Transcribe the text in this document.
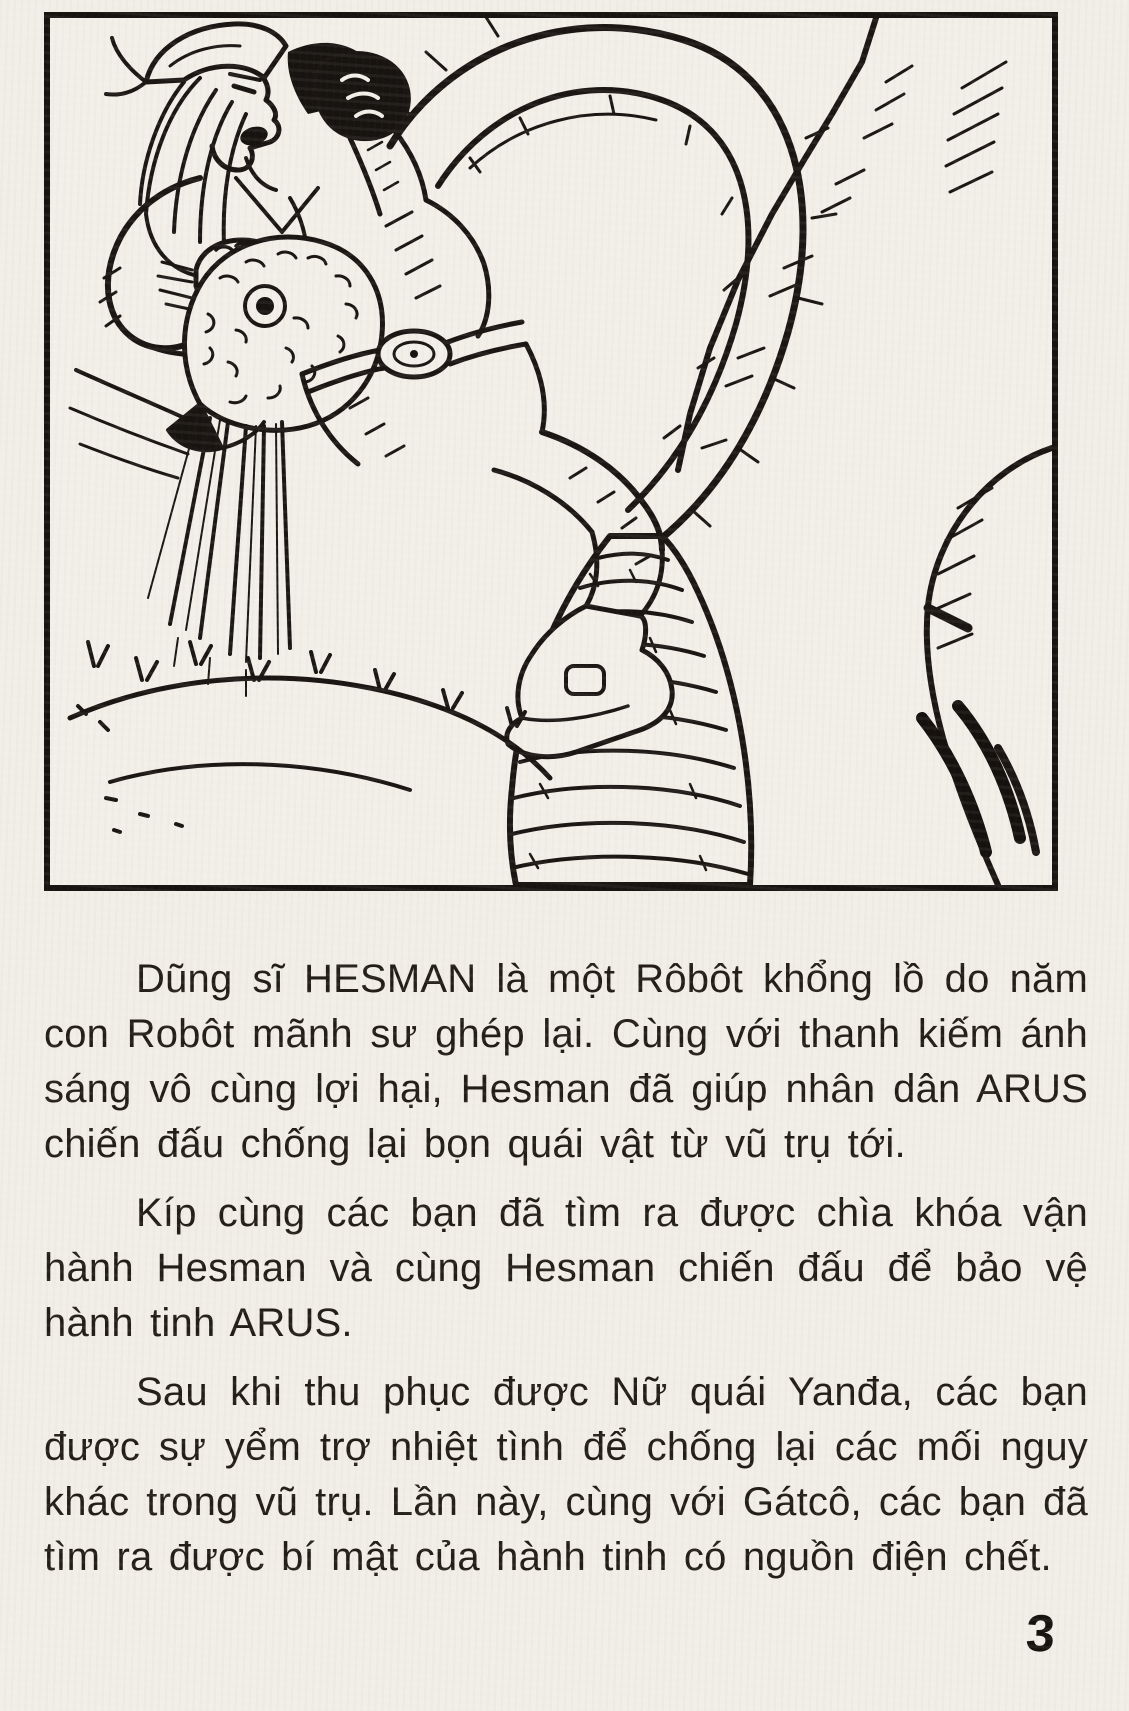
Dũng sĩ HESMAN là một Rôbôt khổng lồ do năm con Robôt mãnh sư ghép lại. Cùng với thanh kiếm ánh sáng vô cùng lợi hại, Hesman đã giúp nhân dân ARUS chiến đấu chống lại bọn quái vật từ vũ trụ tới.

Kíp cùng các bạn đã tìm ra được chìa khóa vận hành Hesman và cùng Hesman chiến đấu để bảo vệ hành tinh ARUS.

Sau khi thu phục được Nữ quái Yanđa, các bạn được sự yểm trợ nhiệt tình để chống lại các mối nguy khác trong vũ trụ. Lần này, cùng với Gátcô, các bạn đã tìm ra được bí mật của hành tinh có nguồn điện chết.

3
